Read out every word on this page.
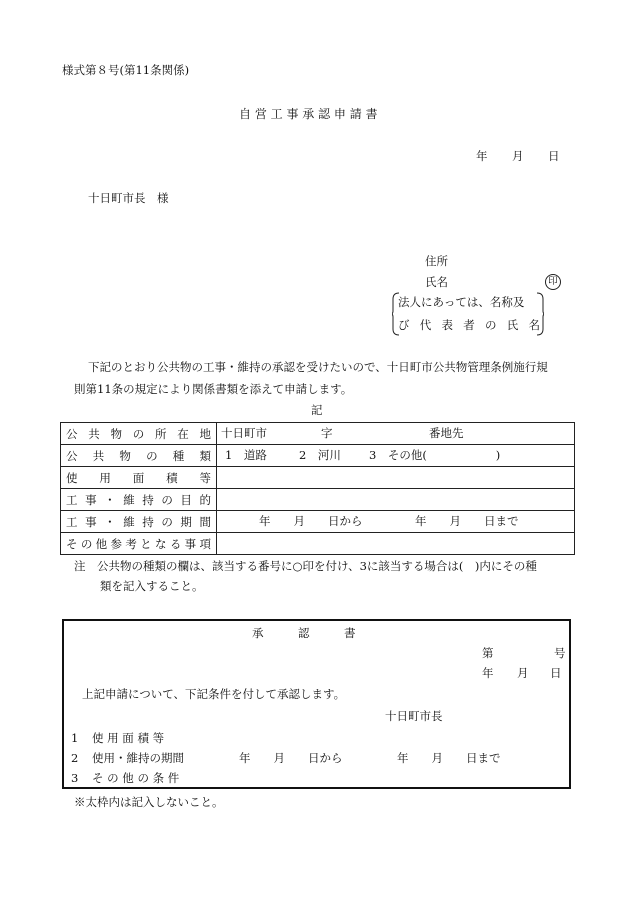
様式第８号(第11条関係)
自 営 工 事 承 認 申 請 書
年 月 日
十日町市長　様
住所
氏名	印
法人にあっては、名称及
び 代 表 者 の 氏 名
下記のとおり公共物の工事・維持の承認を受けたいので、十日町市公共物管理条例施行規
則第11条の規定により関係書類を添えて申請します。
記
公共物の所在地	十日町市 字 番地先

公共物の種類	1　道路 2　河川 3　その他(　　　　　　)

使用面積等	
工事・維持の目的	
工事・維持の期間	年　　月　　日から 年　　月　　日まで

その他参考となる事項	
注　公共物の種類の欄は、該当する番号に○印を付け、3に該当する場合は(　)内にその種
類を記入すること。
承　　　認　　　書
第	号
年 月 日
上記申請について、下記条件を付して承認します。
十日町市長
1 使 用 面 積 等
2 使用・維持の期間	年　　月　　日から	年　　月　　日まで
3 そ の 他 の 条 件
※太枠内は記入しないこと。
